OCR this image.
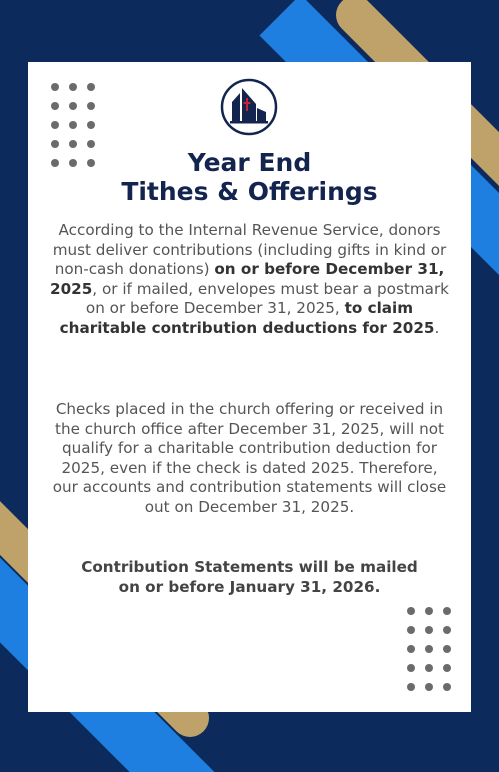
Year End
Tithes & Offerings

According to the Internal Revenue Service, donors must deliver contributions (including gifts in kind or non-cash donations) on or before December 31, 2025, or if mailed, envelopes must bear a postmark on or before December 31, 2025, to claim charitable contribution deductions for 2025.

Checks placed in the church offering or received in the church office after December 31, 2025, will not qualify for a charitable contribution deduction for 2025, even if the check is dated 2025. Therefore, our accounts and contribution statements will close out on December 31, 2025.

Contribution Statements will be mailed
on or before January 31, 2026.
